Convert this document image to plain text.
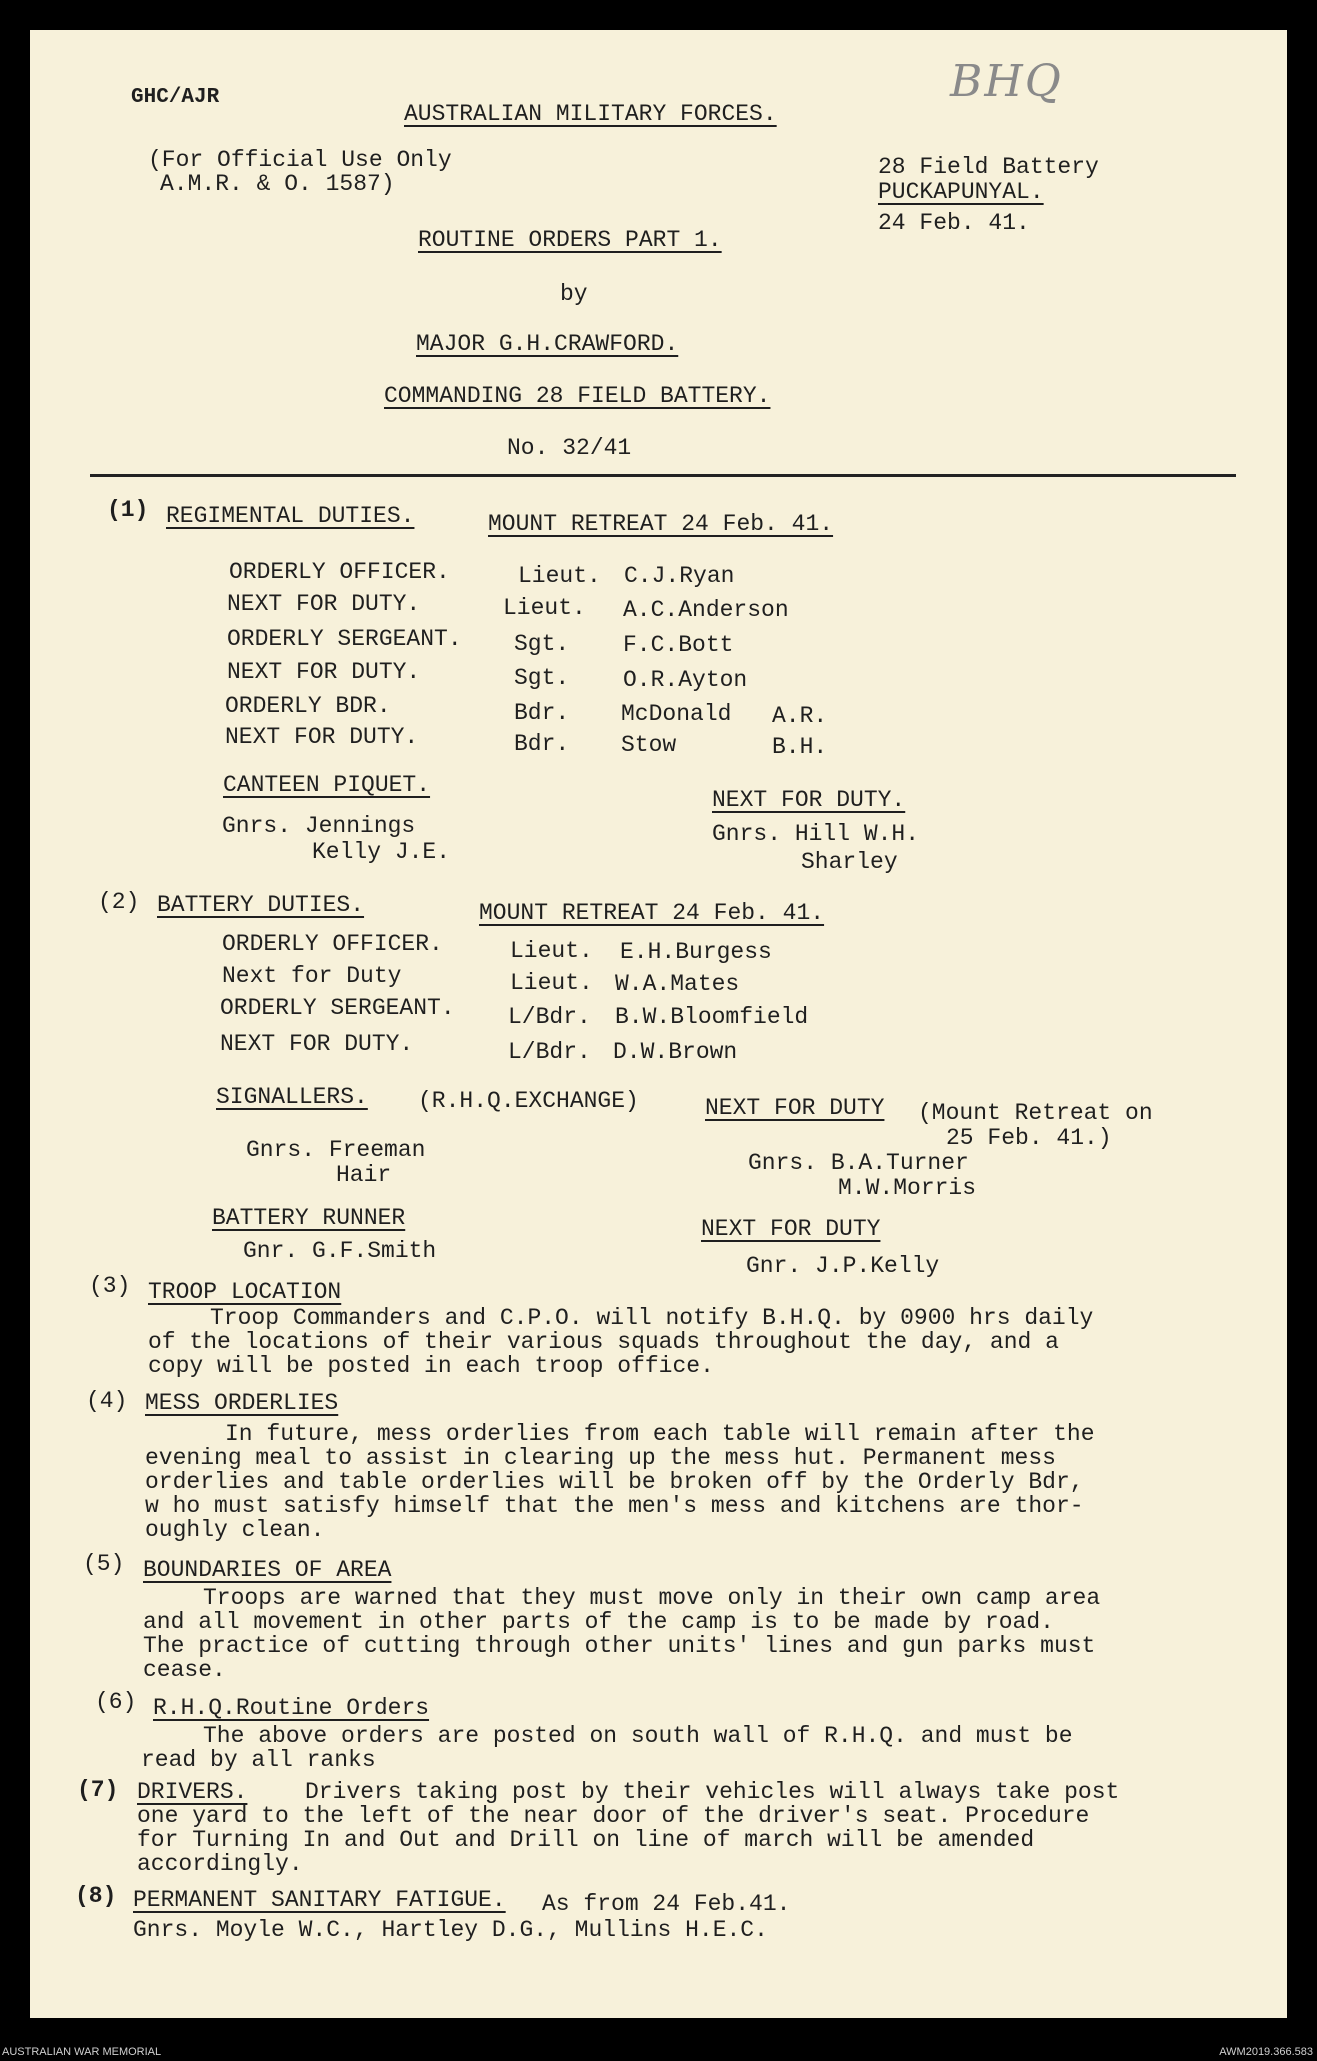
GHC/AJR	BHQ
AUSTRALIAN MILITARY FORCES.
(For Official Use Only
A.M.R. & O. 1587)
28 Field Battery
PUCKAPUNYAL.
24 Feb. 41.
ROUTINE ORDERS PART 1.
by
MAJOR G.H.CRAWFORD.
COMMANDING 28 FIELD BATTERY.
No. 32/41
(1) REGIMENTAL DUTIES.	MOUNT RETREAT 24 Feb. 41.
ORDERLY OFFICER.	Lieut. C.J.Ryan
NEXT FOR DUTY.	Lieut. A.C.Anderson
ORDERLY SERGEANT. Sgt. F.C.Bott
NEXT FOR DUTY.	Sgt. O.R.Ayton
ORDERLY BDR.	Bdr. McDonald A.R.
NEXT FOR DUTY.	Bdr. Stow	B.H.
CANTEEN PIQUET.
Gnrs. Jennings
Kelly J.E.
NEXT FOR DUTY.
Gnrs. Hill W.H.
Sharley
(2) BATTERY DUTIES.	MOUNT RETREAT 24 Feb. 41.
ORDERLY OFFICER.	Lieut. E.H.Burgess
Next for Duty	Lieut. W.A.Mates
ORDERLY SERGEANT. L/Bdr. B.W.Bloomfield
NEXT FOR DUTY.	L/Bdr. D.W.Brown
SIGNALLERS. (R.H.Q.EXCHANGE)
Gnrs. Freeman
Hair
NEXT FOR DUTY (Mount Retreat on
25 Feb. 41.)
Gnrs. B.A.Turner
M.W.Morris
BATTERY RUNNER
Gnr. G.F.Smith
NEXT FOR DUTY
Gnr. J.P.Kelly
(3) TROOP LOCATION
Troop Commanders and C.P.O. will notify B.H.Q. by 0900 hrs daily
of the locations of their various squads throughout the day, and a
copy will be posted in each troop office.
(4) MESS ORDERLIES
In future, mess orderlies from each table will remain after the
evening meal to assist in clearing up the mess hut. Permanent mess
orderlies and table orderlies will be broken off by the Orderly Bdr,
w ho must satisfy himself that the men's mess and kitchens are thor-
oughly clean.
(5) BOUNDARIES OF AREA
Troops are warned that they must move only in their own camp area
and all movement in other parts of the camp is to be made by road.
The practice of cutting through other units' lines and gun parks must
cease.
(6) R.H.Q.Routine Orders
The above orders are posted on south wall of R.H.Q. and must be
read by all ranks
(7) DRIVERS.	Drivers taking post by their vehicles will always take post
one yard to the left of the near door of the driver's seat. Procedure
for Turning In and Out and Drill on line of march will be amended
accordingly.
(8) PERMANENT SANITARY FATIGUE. As from 24 Feb.41.
Gnrs. Moyle W.C., Hartley D.G., Mullins H.E.C.
AUSTRALIAN WAR MEMORIAL	AWM2019.366.583
